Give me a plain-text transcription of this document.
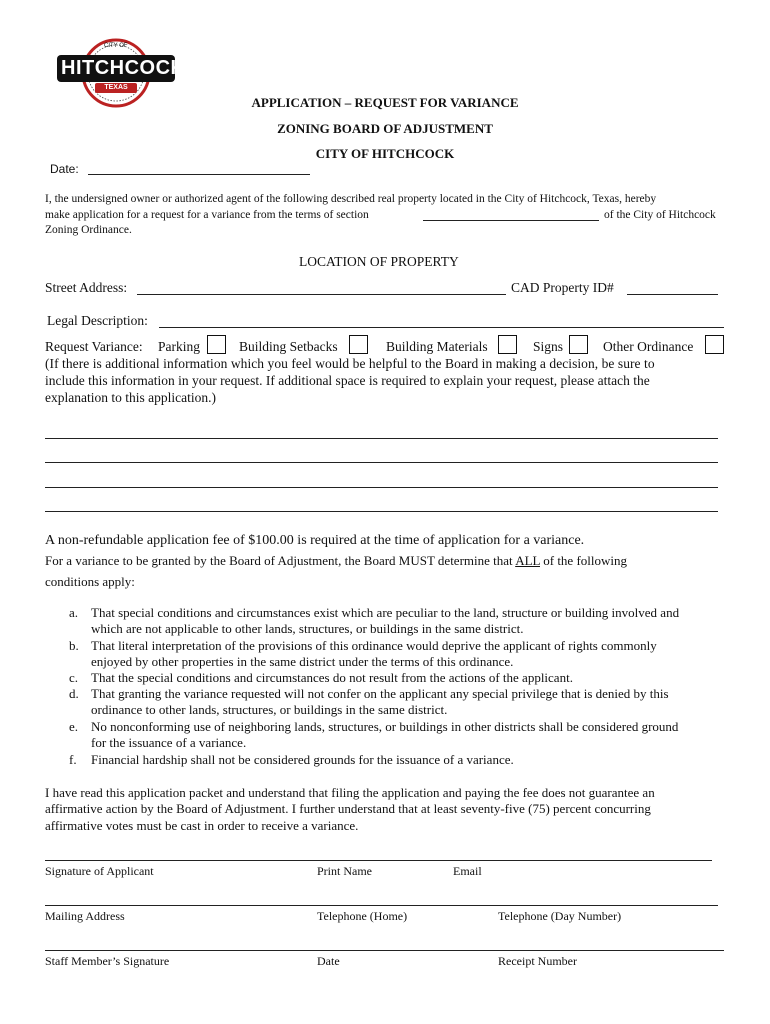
CITY OF
HITCHCOCK
TEXAS
APPLICATION – REQUEST FOR VARIANCE
ZONING BOARD OF ADJUSTMENT
CITY OF HITCHCOCK
Date:
I, the undersigned owner or authorized agent of the following described real property located in the City of Hitchcock, Texas, hereby
make application for a request for a variance from the terms of section	of the City of Hitchcock
Zoning Ordinance.
LOCATION OF PROPERTY
Street Address:	CAD Property ID#
Legal Description:
Request Variance: Parking	Building Setbacks	Building Materials	Signs	Other Ordinance
(If there is additional information which you feel would be helpful to the Board in making a decision, be sure to
include this information in your request. If additional space is required to explain your request, please attach the
explanation to this application.)
A non-refundable application fee of $100.00 is required at the time of application for a variance.
For a variance to be granted by the Board of Adjustment, the Board MUST determine that ALL of the following
conditions apply:
a. That special conditions and circumstances exist which are peculiar to the land, structure or building involved and
which are not applicable to other lands, structures, or buildings in the same district.
b. That literal interpretation of the provisions of this ordinance would deprive the applicant of rights commonly
enjoyed by other properties in the same district under the terms of this ordinance.
c. That the special conditions and circumstances do not result from the actions of the applicant.
d. That granting the variance requested will not confer on the applicant any special privilege that is denied by this
ordinance to other lands, structures, or buildings in the same district.
e. No nonconforming use of neighboring lands, structures, or buildings in other districts shall be considered ground
for the issuance of a variance.
f. Financial hardship shall not be considered grounds for the issuance of a variance.
I have read this application packet and understand that filing the application and paying the fee does not guarantee an
affirmative action by the Board of Adjustment. I further understand that at least seventy-five (75) percent concurring
affirmative votes must be cast in order to receive a variance.
Signature of Applicant	Print Name	Email
Mailing Address	Telephone (Home)	Telephone (Day Number)
Staff Member’s Signature	Date	Receipt Number
